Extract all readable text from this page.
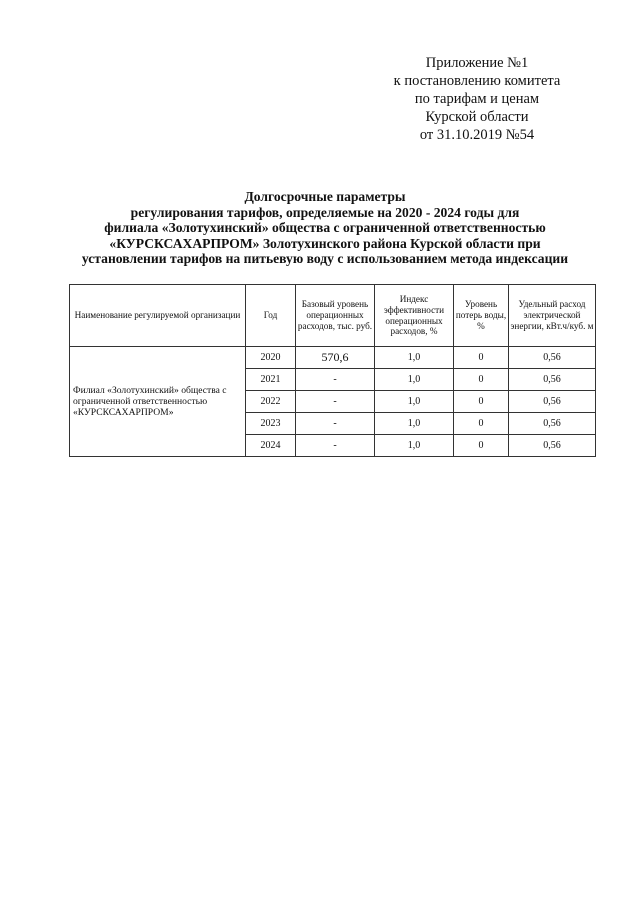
Приложение №1
к постановлению комитета
по тарифам и ценам
Курской области
от 31.10.2019 №54
Долгосрочные параметры
регулирования тарифов, определяемые на 2020 - 2024 годы для
филиала «Золотухинский» общества с ограниченной ответственностью
«КУРСКСАХАРПРОМ» Золотухинского района Курской области при
установлении тарифов на питьевую воду с использованием метода индексации
Наименование регулируемой организации	Год	Базовый уровень операционных расходов, тыс. руб.	Индекс эффективности операционных расходов, %	Уровень потерь воды, %	Удельный расход электрической энергии, кВт.ч/куб. м
Филиал «Золотухинский» общества с ограниченной ответственностью «КУРСКСАХАРПРОМ»	2020	570,6	1,0	0	0,56
	2021	-	1,0	0	0,56
	2022	-	1,0	0	0,56
	2023	-	1,0	0	0,56
	2024	-	1,0	0	0,56
